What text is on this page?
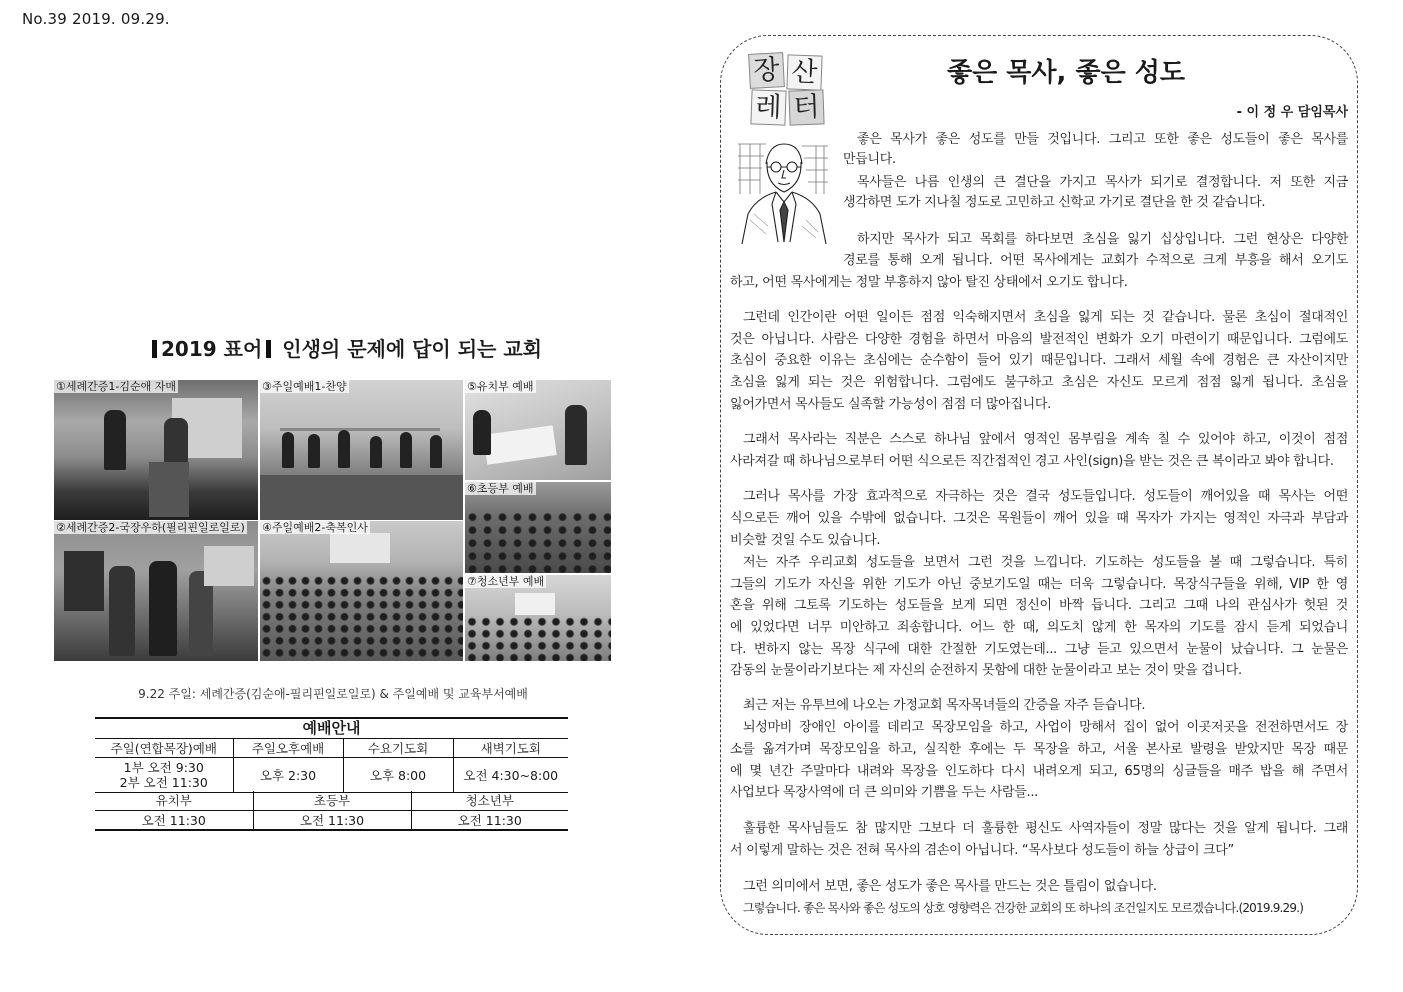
No.39 2019. 09.29.
2019 표어 인생의 문제에 답이 되는 교회
①세례간증1-김순애 자매	③주일예배1-찬양	⑤유치부 예배
⑥초등부 예배
②세례간증2-국장우하(필리핀일로일로) ④주일예배2-축복인사
⑦청소년부 예배
9.22 주일: 세례간증(김순애-필리핀일로일로) & 주일예배 및 교육부서예배
예배안내			
주일(연합목장)예배	주일오후예배	수요기도회	새벽기도회

1부 오전 9:30
2부 오전 11:30	오후 2:30	오후 8:00	오전 4:30~8:00
유치부	초등부	청소년부
오전 11:30	오전 11:30	오전 11:30
장 산
레 터
좋은 목사, 좋은 성도
- 이 정 우 담임목사
좋은 목사가 좋은 성도를 만들 것입니다. 그리고 또한 좋은 성도들이 좋은 목사를
만듭니다.
목사들은 나름 인생의 큰 결단을 가지고 목사가 되기로 결정합니다. 저 또한 지금
생각하면 도가 지나칠 정도로 고민하고 신학교 가기로 결단을 한 것 같습니다.
하지만 목사가 되고 목회를 하다보면 초심을 잃기 십상입니다. 그런 현상은 다양한
경로를 통해 오게 됩니다. 어떤 목사에게는 교회가 수적으로 크게 부흥을 해서 오기도
하고, 어떤 목사에게는 정말 부흥하지 않아 탈진 상태에서 오기도 합니다.
그런데 인간이란 어떤 일이든 점점 익숙해지면서 초심을 잃게 되는 것 같습니다. 물론 초심이 절대적인
것은 아닙니다. 사람은 다양한 경험을 하면서 마음의 발전적인 변화가 오기 마련이기 때문입니다. 그럼에도
초심이 중요한 이유는 초심에는 순수함이 들어 있기 때문입니다. 그래서 세월 속에 경험은 큰 자산이지만
초심을 잃게 되는 것은 위험합니다. 그럼에도 불구하고 초심은 자신도 모르게 점점 잃게 됩니다. 초심을
잃어가면서 목사들도 실족할 가능성이 점점 더 많아집니다.
그래서 목사라는 직분은 스스로 하나님 앞에서 영적인 몸부림을 계속 칠 수 있어야 하고, 이것이 점점
사라져갈 때 하나님으로부터 어떤 식으로든 직간접적인 경고 사인(sign)을 받는 것은 큰 복이라고 봐야 합니다.
그러나 목사를 가장 효과적으로 자극하는 것은 결국 성도들입니다. 성도들이 깨어있을 때 목사는 어떤
식으로든 깨어 있을 수밖에 없습니다. 그것은 목원들이 깨어 있을 때 목자가 가지는 영적인 자극과 부담과
비슷할 것일 수도 있습니다.
저는 자주 우리교회 성도들을 보면서 그런 것을 느낍니다. 기도하는 성도들을 볼 때 그렇습니다. 특히
그들의 기도가 자신을 위한 기도가 아닌 중보기도일 때는 더욱 그렇습니다. 목장식구들을 위해, VIP 한 영
혼을 위해 그토록 기도하는 성도들을 보게 되면 정신이 바짝 듭니다. 그리고 그때 나의 관심사가 헛된 것
에 있었다면 너무 미안하고 죄송합니다. 어느 한 때, 의도치 않게 한 목자의 기도를 잠시 듣게 되었습니
다. 변하지 않는 목장 식구에 대한 간절한 기도였는데... 그냥 듣고 있으면서 눈물이 났습니다. 그 눈물은
감동의 눈물이라기보다는 제 자신의 순전하지 못함에 대한 눈물이라고 보는 것이 맞을 겁니다.
최근 저는 유투브에 나오는 가정교회 목자목녀들의 간증을 자주 듣습니다.
뇌성마비 장애인 아이를 데리고 목장모임을 하고, 사업이 망해서 집이 없어 이곳저곳을 전전하면서도 장
소를 옮겨가며 목장모임을 하고, 실직한 후에는 두 목장을 하고, 서울 본사로 발령을 받았지만 목장 때문
에 몇 년간 주말마다 내려와 목장을 인도하다 다시 내려오게 되고, 65명의 싱글들을 매주 밥을 해 주면서
사업보다 목장사역에 더 큰 의미와 기쁨을 두는 사람들...
훌륭한 목사님들도 참 많지만 그보다 더 훌륭한 평신도 사역자들이 정말 많다는 것을 알게 됩니다. 그래
서 이렇게 말하는 것은 전혀 목사의 겸손이 아닙니다. “목사보다 성도들이 하늘 상급이 크다”
그런 의미에서 보면, 좋은 성도가 좋은 목사를 만드는 것은 틀림이 없습니다.
그렇습니다. 좋은 목사와 좋은 성도의 상호 영향력은 건강한 교회의 또 하나의 조건일지도 모르겠습니다.(2019.9.29.)
